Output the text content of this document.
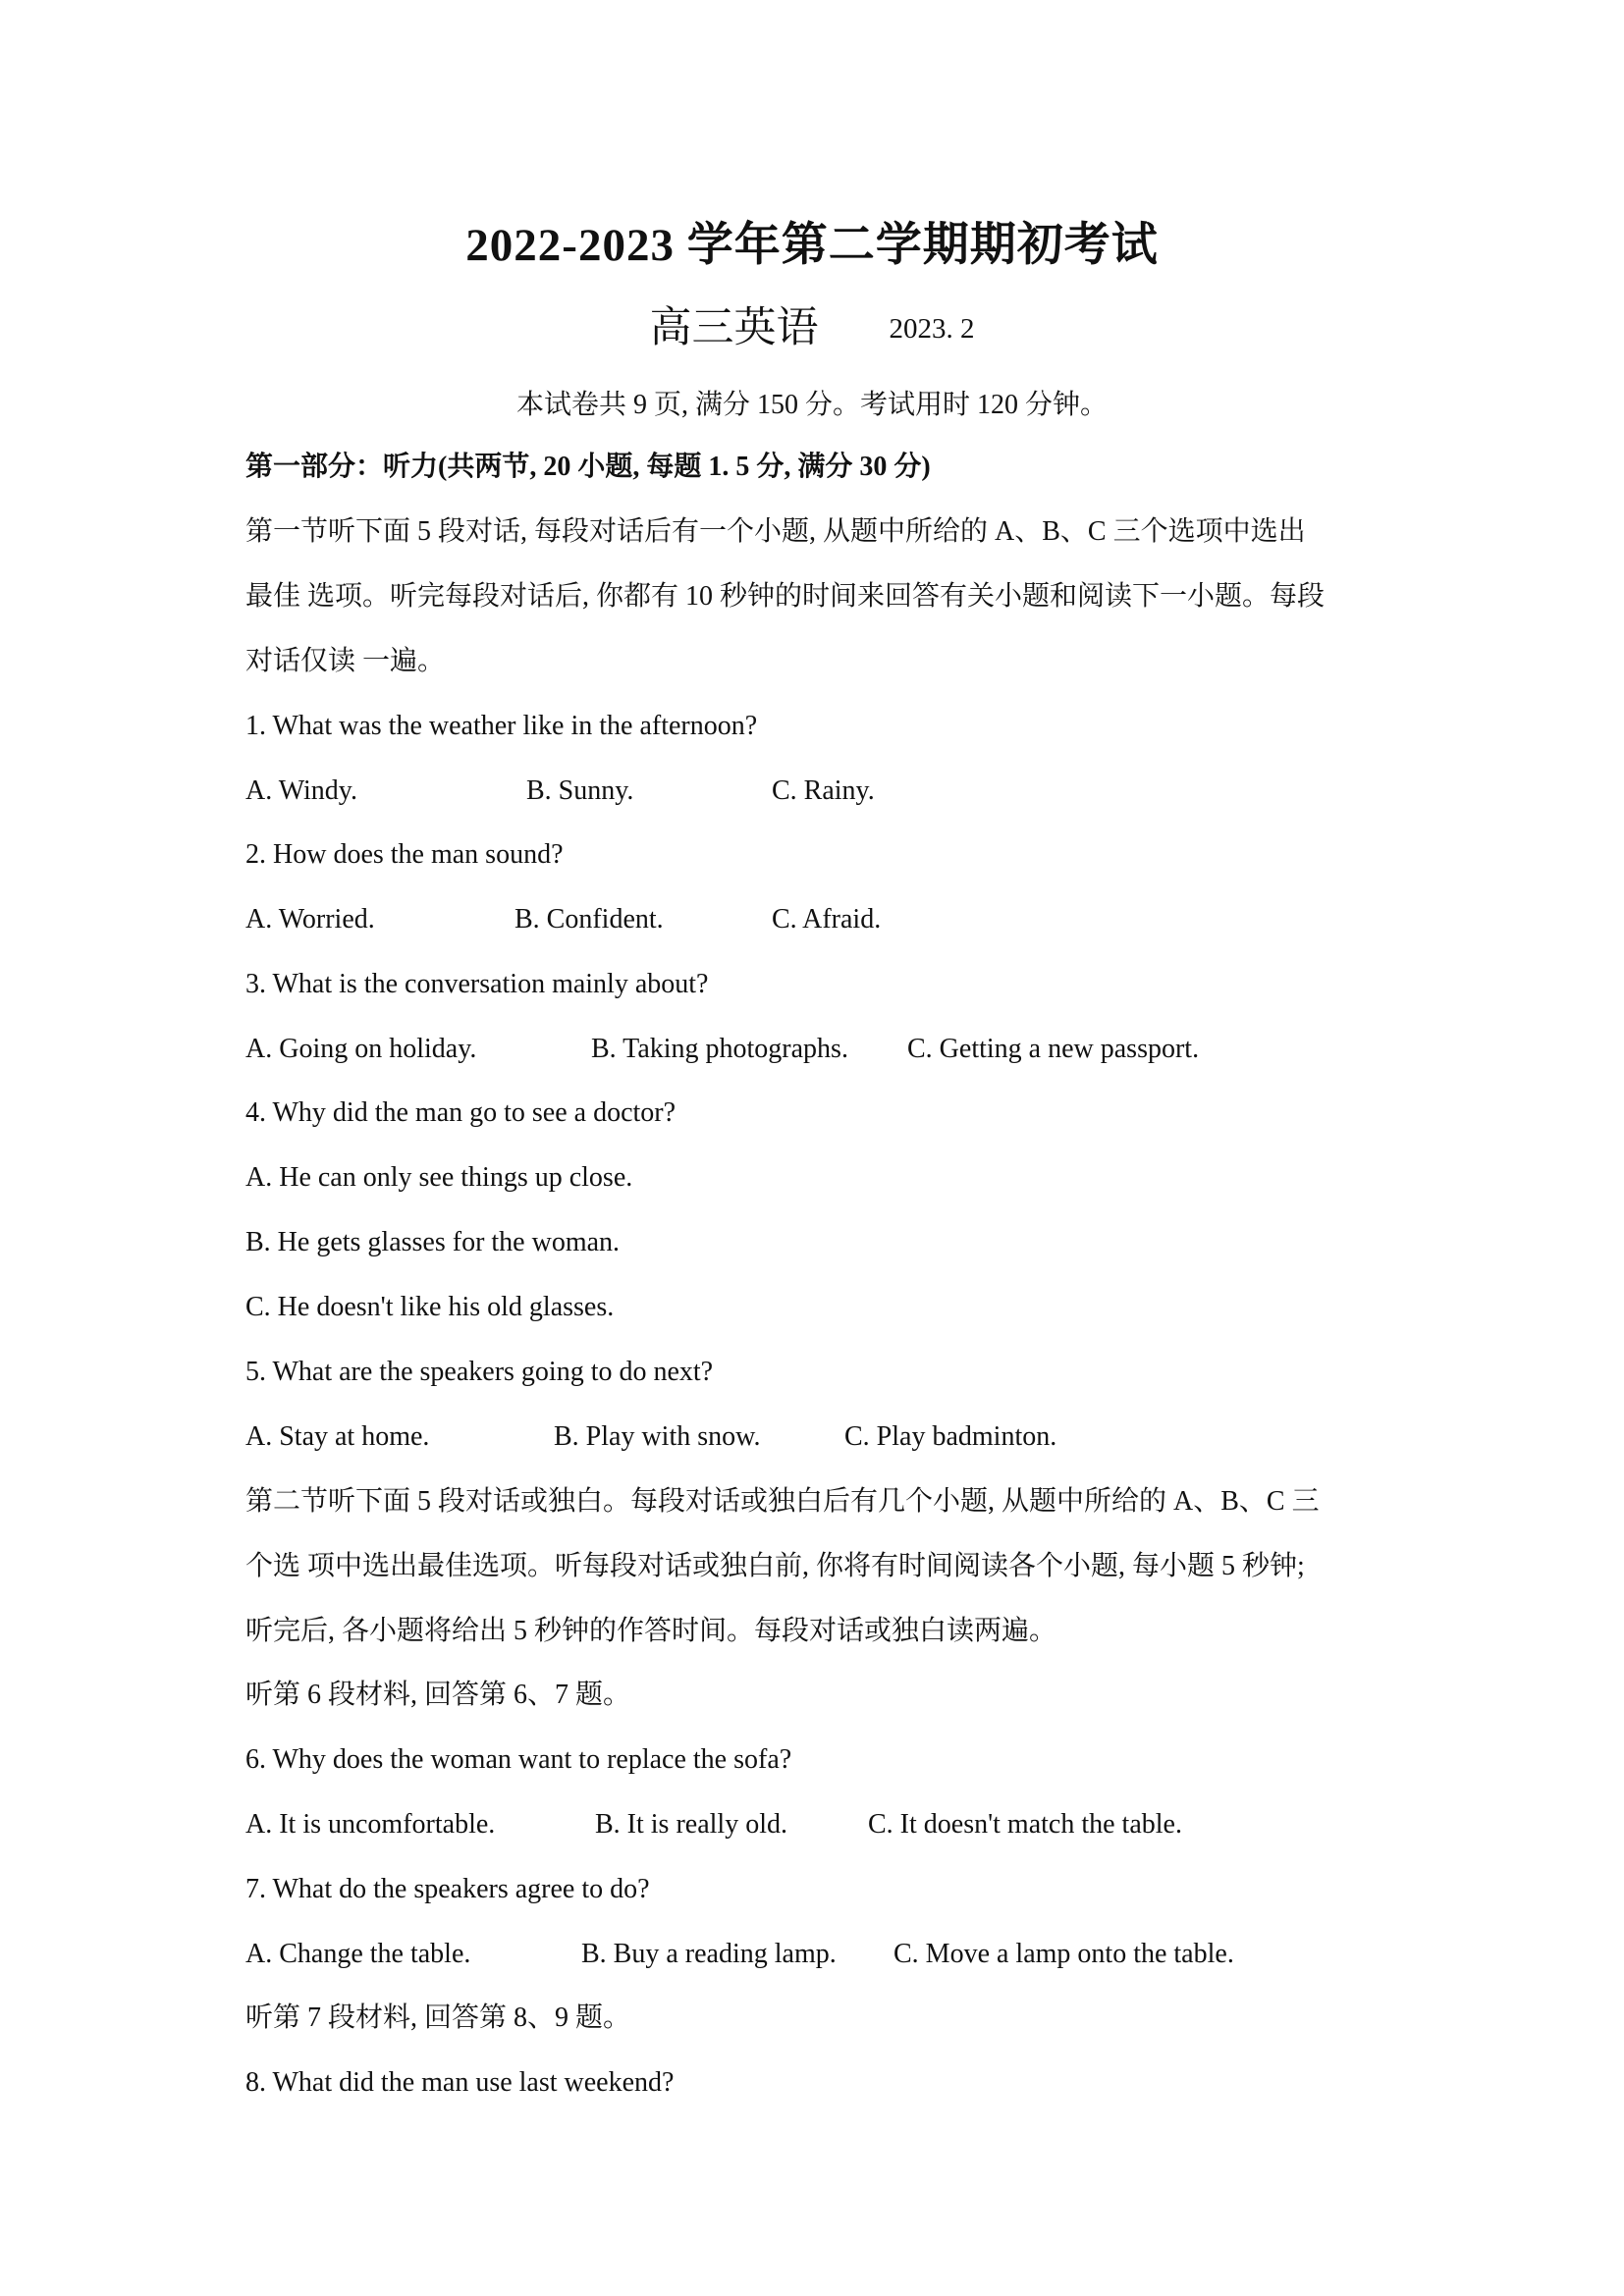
2022-2023 学年第二学期期初考试
高三英语 2023. 2
本试卷共 9 页, 满分 150 分。考试用时 120 分钟。
第一部分：听力(共两节, 20 小题, 每题 1. 5 分, 满分 30 分)
第一节听下面 5 段对话, 每段对话后有一个小题, 从题中所给的 A、B、C 三个选项中选出
最佳 选项。听完每段对话后, 你都有 10 秒钟的时间来回答有关小题和阅读下一小题。每段
对话仅读 一遍。
1. What was the weather like in the afternoon?
A. Windy.	B. Sunny.	C. Rainy.
2. How does the man sound?
A. Worried.	B. Confident.	C. Afraid.
3. What is the conversation mainly about?
A. Going on holiday.	B. Taking photographs. C. Getting a new passport.
4. Why did the man go to see a doctor?
A. He can only see things up close.
B. He gets glasses for the woman.
C. He doesn't like his old glasses.
5. What are the speakers going to do next?
A. Stay at home.	B. Play with snow.	C. Play badminton.
第二节听下面 5 段对话或独白。每段对话或独白后有几个小题, 从题中所给的 A、B、C 三
个选 项中选出最佳选项。听每段对话或独白前, 你将有时间阅读各个小题, 每小题 5 秒钟;
听完后, 各小题将给出 5 秒钟的作答时间。每段对话或独白读两遍。
听第 6 段材料, 回答第 6、7 题。
6. Why does the woman want to replace the sofa?
A. It is uncomfortable.	B. It is really old.	C. It doesn't match the table.
7. What do the speakers agree to do?
A. Change the table.	B. Buy a reading lamp. C. Move a lamp onto the table.
听第 7 段材料, 回答第 8、9 题。
8. What did the man use last weekend?
